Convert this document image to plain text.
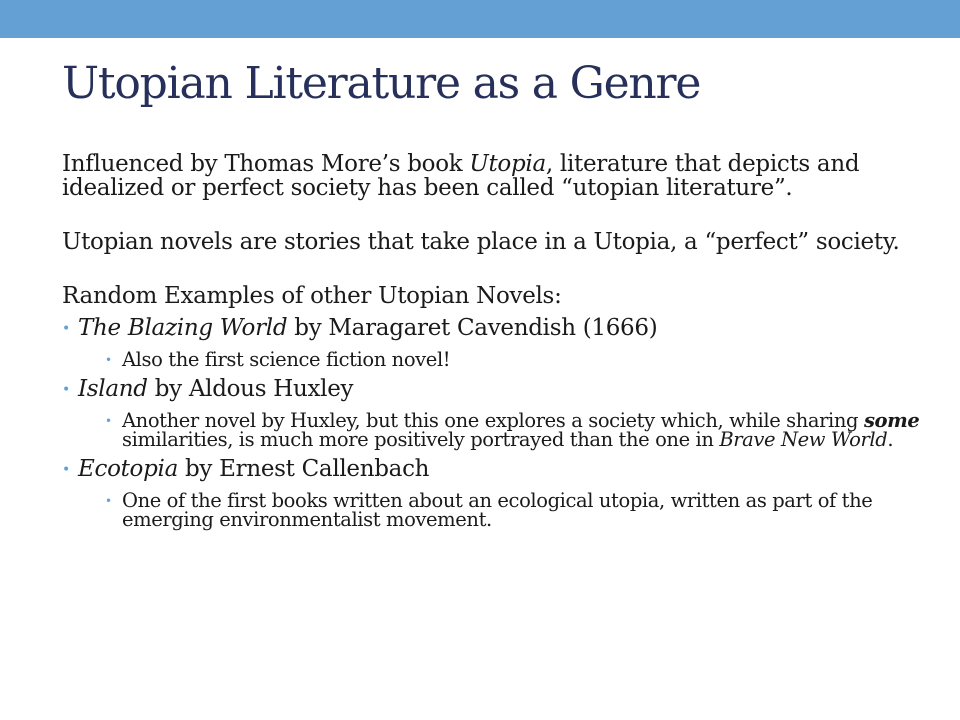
Utopian Literature as a Genre

Influenced by Thomas More’s book Utopia, literature that depicts and idealized or perfect society has been called “utopian literature”.

Utopian novels are stories that take place in a Utopia, a “perfect” society.

Random Examples of other Utopian Novels:

• The Blazing World by Maragaret Cavendish (1666)
• Also the first science fiction novel!
• Island by Aldous Huxley
• Another novel by Huxley, but this one explores a society which, while sharing some similarities, is much more positively portrayed than the one in Brave New World.
• Ecotopia by Ernest Callenbach
• One of the first books written about an ecological utopia, written as part of the emerging environmentalist movement.
